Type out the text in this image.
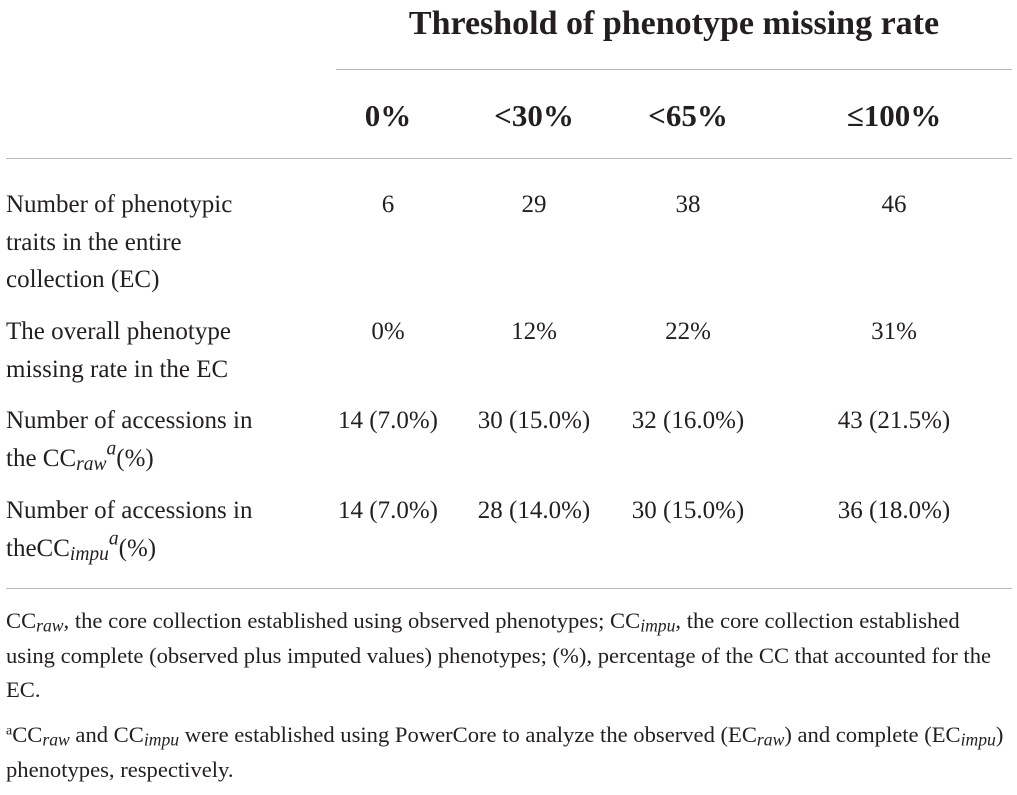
Threshold of phenotype missing rate
0%	<30%	<65%	≤100%
Number of phenotypic
traits in the entire
collection (EC)
6	29	38	46
The overall phenotype
missing rate in the EC
0%	12%	22%	31%
Number of accessions in
the $CC_{raw}^a(\%)$
14 (7.0%)	30 (15.0%)	32 (16.0%)	43 (21.5%)
Number of accessions in
theCC$_{impu}^a$(%)
14 (7.0%)	28 (14.0%)	30 (15.0%)	36 (18.0%)
$CC_{raw}$, the core collection established using observed phenotypes; $CC_{impu}$, the core collection established using complete (observed plus imputed values) phenotypes; (%), percentage of the CC that accounted for the EC.
$^aCC_{raw}$ and $CC_{impu}$ were established using PowerCore to analyze the observed $(EC_{raw})$ and complete $(EC_{impu})$ phenotypes, respectively.
